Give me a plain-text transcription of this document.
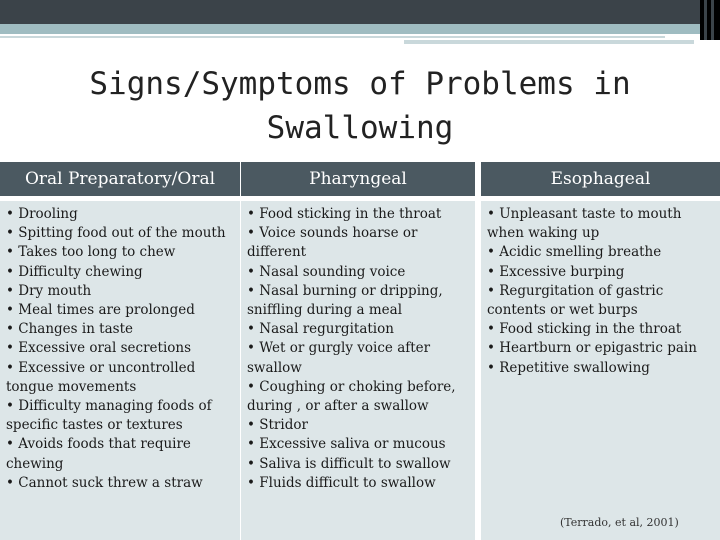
Signs/Symptoms of Problems in Swallowing
Oral Preparatory/Oral
• Drooling
• Spitting food out of the mouth
• Takes too long to chew
• Difficulty chewing
• Dry mouth
• Meal times are prolonged
• Changes in taste
• Excessive oral secretions
• Excessive or uncontrolled tongue movements
• Difficulty managing foods of specific tastes or textures
• Avoids foods that require chewing
• Cannot suck threw a straw
Pharyngeal
• Food sticking in the throat
• Voice sounds hoarse or different
• Nasal sounding voice
• Nasal burning or dripping, sniffling during a meal
• Nasal regurgitation
• Wet or gurgly voice after swallow
• Coughing or choking before, during , or after a swallow
• Stridor
• Excessive saliva or mucous
• Saliva is difficult to swallow
• Fluids difficult to swallow
Esophageal
• Unpleasant taste to mouth when waking up
• Acidic smelling breathe
• Excessive burping
• Regurgitation of gastric contents or wet burps
• Food sticking in the throat
• Heartburn or epigastric pain
• Repetitive swallowing
(Terrado, et al, 2001)
